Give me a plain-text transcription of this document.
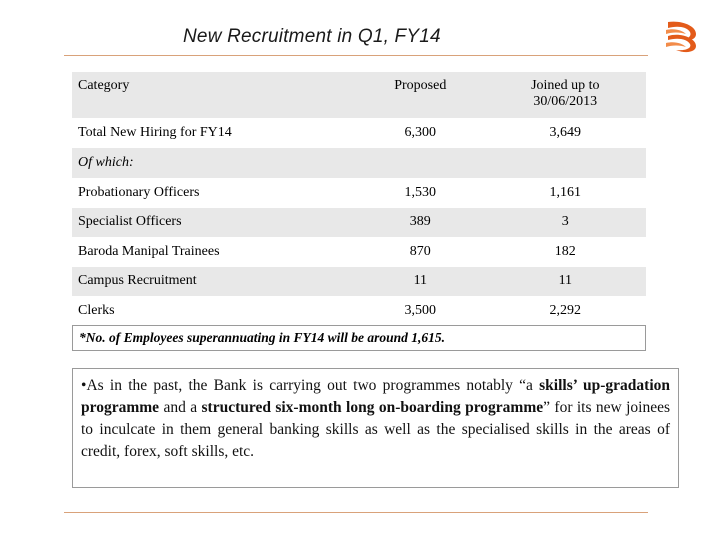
New Recruitment in Q1, FY14
Category	Proposed	Joined up to
30/06/2013

Total New Hiring for FY14	6,300	3,649
Of which:		
Probationary Officers	1,530	1,161
Specialist Officers	389	3
Baroda Manipal Trainees	870	182
Campus Recruitment	11	11
Clerks	3,500	2,292
*No. of Employees superannuating in FY14 will be around 1,615.
•As in the past, the Bank is carrying out two programmes notably “a skills’ up-gradation programme and a structured six-month long on-boarding programme” for its new joinees to inculcate in them general banking skills as well as the specialised skills in the areas of credit, forex, soft skills, etc.
